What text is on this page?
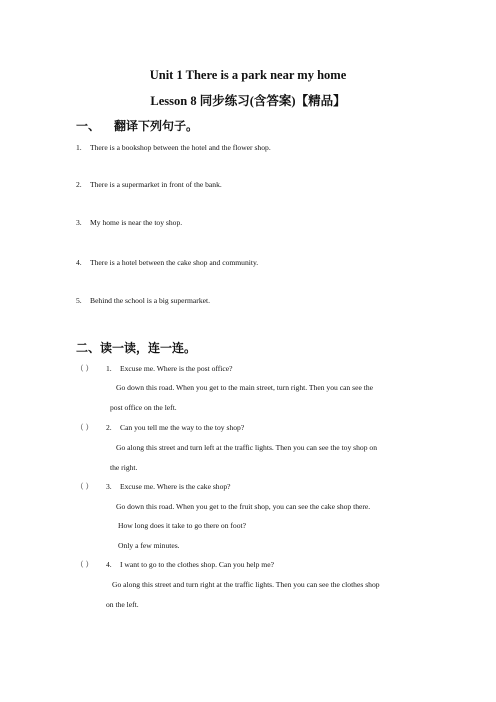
Unit 1 There is a park near my home
Lesson 8 同步练习(含答案)【精品】
一、 翻译下列句子。
1. There is a bookshop between the hotel and the flower shop.
2. There is a supermarket in front of the bank.
3. My home is near the toy shop.
4. There is a hotel between the cake shop and community.
5. Behind the school is a big supermarket.
二、读一读，连一连。
（ ） 1. Excuse me. Where is the post office?
Go down this road. When you get to the main street, turn right. Then you can see the
post office on the left.
（ ） 2. Can you tell me the way to the toy shop?
Go along this street and turn left at the traffic lights. Then you can see the toy shop on
the right.
（ ） 3. Excuse me. Where is the cake shop?
Go down this road. When you get to the fruit shop, you can see the cake shop there.
How long does it take to go there on foot?
Only a few minutes.
（ ） 4. I want to go to the clothes shop. Can you help me?
Go along this street and turn right at the traffic lights. Then you can see the clothes shop
on the left.
